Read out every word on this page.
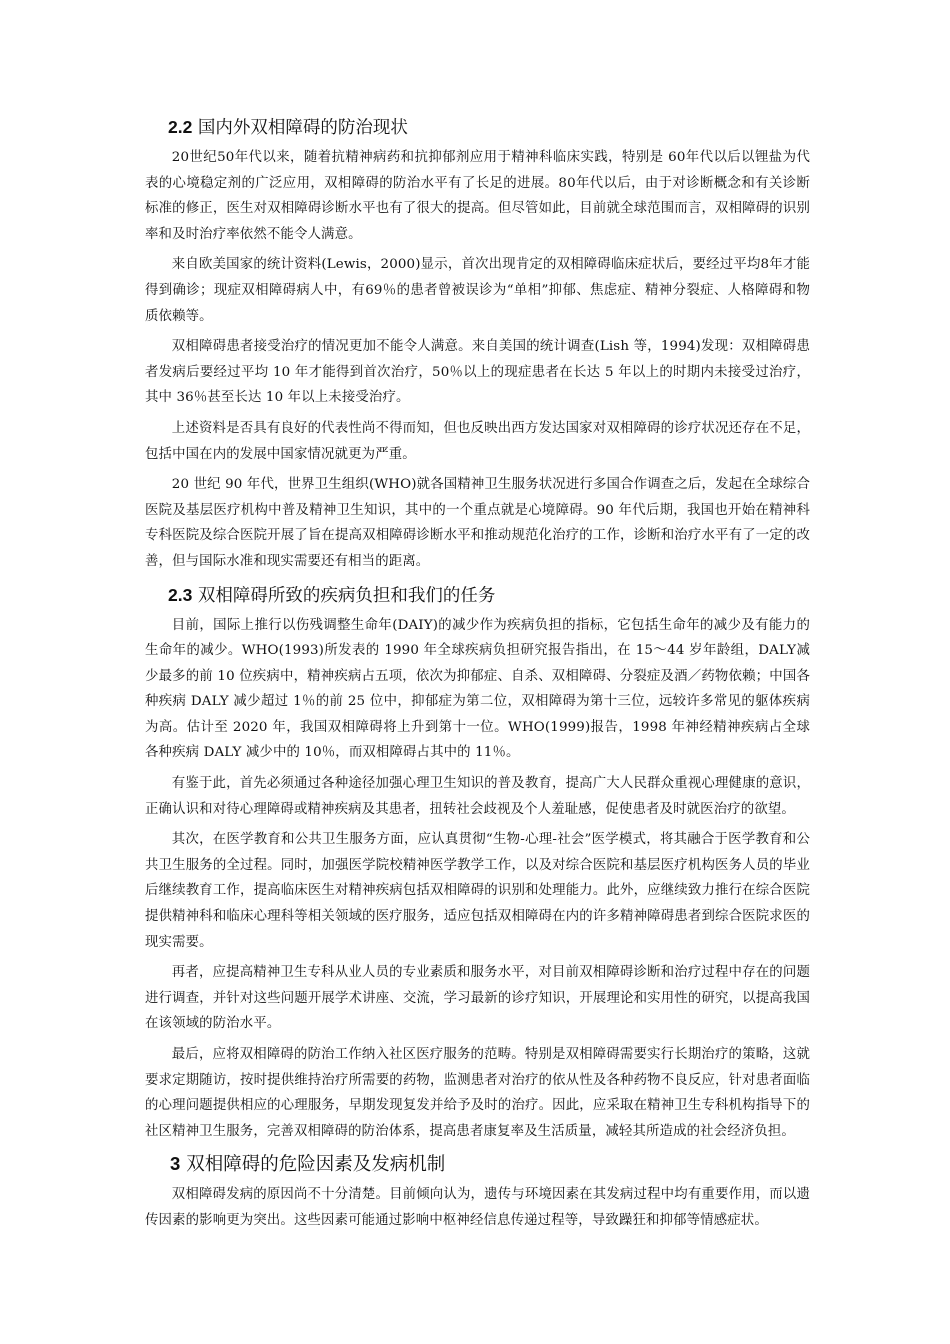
2.2 国内外双相障碍的防治现状

20世纪50年代以来，随着抗精神病药和抗抑郁剂应用于精神科临床实践，特别是 60年代以后以锂盐为代表的心境稳定剂的广泛应用，双相障碍的防治水平有了长足的进展。80年代以后，由于对诊断概念和有关诊断标准的修正，医生对双相障碍诊断水平也有了很大的提高。但尽管如此，目前就全球范围而言，双相障碍的识别率和及时治疗率依然不能令人满意。

来自欧美国家的统计资料(Lewis，2000)显示，首次出现肯定的双相障碍临床症状后，要经过平均8年才能得到确诊；现症双相障碍病人中，有69％的患者曾被误诊为“单相”抑郁、焦虑症、精神分裂症、人格障碍和物质依赖等。

双相障碍患者接受治疗的情况更加不能令人满意。来自美国的统计调查(Lish 等，1994)发现：双相障碍患者发病后要经过平均 10 年才能得到首次治疗，50％以上的现症患者在长达 5 年以上的时期内未接受过治疗，其中 36％甚至长达 10 年以上未接受治疗。

上述资料是否具有良好的代表性尚不得而知，但也反映出西方发达国家对双相障碍的诊疗状况还存在不足，包括中国在内的发展中国家情况就更为严重。

20 世纪 90 年代，世界卫生组织(WHO)就各国精神卫生服务状况进行多国合作调查之后，发起在全球综合医院及基层医疗机构中普及精神卫生知识，其中的一个重点就是心境障碍。90 年代后期，我国也开始在精神科专科医院及综合医院开展了旨在提高双相障碍诊断水平和推动规范化治疗的工作，诊断和治疗水平有了一定的改善，但与国际水准和现实需要还有相当的距离。

2.3 双相障碍所致的疾病负担和我们的任务

目前，国际上推行以伤残调整生命年(DAIY)的减少作为疾病负担的指标，它包括生命年的减少及有能力的生命年的减少。WHO(1993)所发表的 1990 年全球疾病负担研究报告指出，在 15～44 岁年龄组，DALY减少最多的前 10 位疾病中，精神疾病占五项，依次为抑郁症、自杀、双相障碍、分裂症及酒／药物依赖；中国各种疾病 DALY 减少超过 1％的前 25 位中，抑郁症为第二位，双相障碍为第十三位，远较许多常见的躯体疾病为高。估计至 2020 年，我国双相障碍将上升到第十一位。WHO(1999)报告，1998 年神经精神疾病占全球各种疾病 DALY 减少中的 10％，而双相障碍占其中的 11％。

有鉴于此，首先必须通过各种途径加强心理卫生知识的普及教育，提高广大人民群众重视心理健康的意识，正确认识和对待心理障碍或精神疾病及其患者，扭转社会歧视及个人羞耻感，促使患者及时就医治疗的欲望。

其次，在医学教育和公共卫生服务方面，应认真贯彻“生物-心理-社会”医学模式，将其融合于医学教育和公共卫生服务的全过程。同时，加强医学院校精神医学教学工作，以及对综合医院和基层医疗机构医务人员的毕业后继续教育工作，提高临床医生对精神疾病包括双相障碍的识别和处理能力。此外，应继续致力推行在综合医院提供精神科和临床心理科等相关领域的医疗服务，适应包括双相障碍在内的许多精神障碍患者到综合医院求医的现实需要。

再者，应提高精神卫生专科从业人员的专业素质和服务水平，对目前双相障碍诊断和治疗过程中存在的问题进行调查，并针对这些问题开展学术讲座、交流，学习最新的诊疗知识，开展理论和实用性的研究，以提高我国在该领域的防治水平。

最后，应将双相障碍的防治工作纳入社区医疗服务的范畴。特别是双相障碍需要实行长期治疗的策略，这就要求定期随访，按时提供维持治疗所需要的药物，监测患者对治疗的依从性及各种药物不良反应，针对患者面临的心理问题提供相应的心理服务，早期发现复发并给予及时的治疗。因此，应采取在精神卫生专科机构指导下的社区精神卫生服务，完善双相障碍的防治体系，提高患者康复率及生活质量，减轻其所造成的社会经济负担。

3 双相障碍的危险因素及发病机制

双相障碍发病的原因尚不十分清楚。目前倾向认为，遗传与环境因素在其发病过程中均有重要作用，而以遗传因素的影响更为突出。这些因素可能通过影响中枢神经信息传递过程等，导致躁狂和抑郁等情感症状。
